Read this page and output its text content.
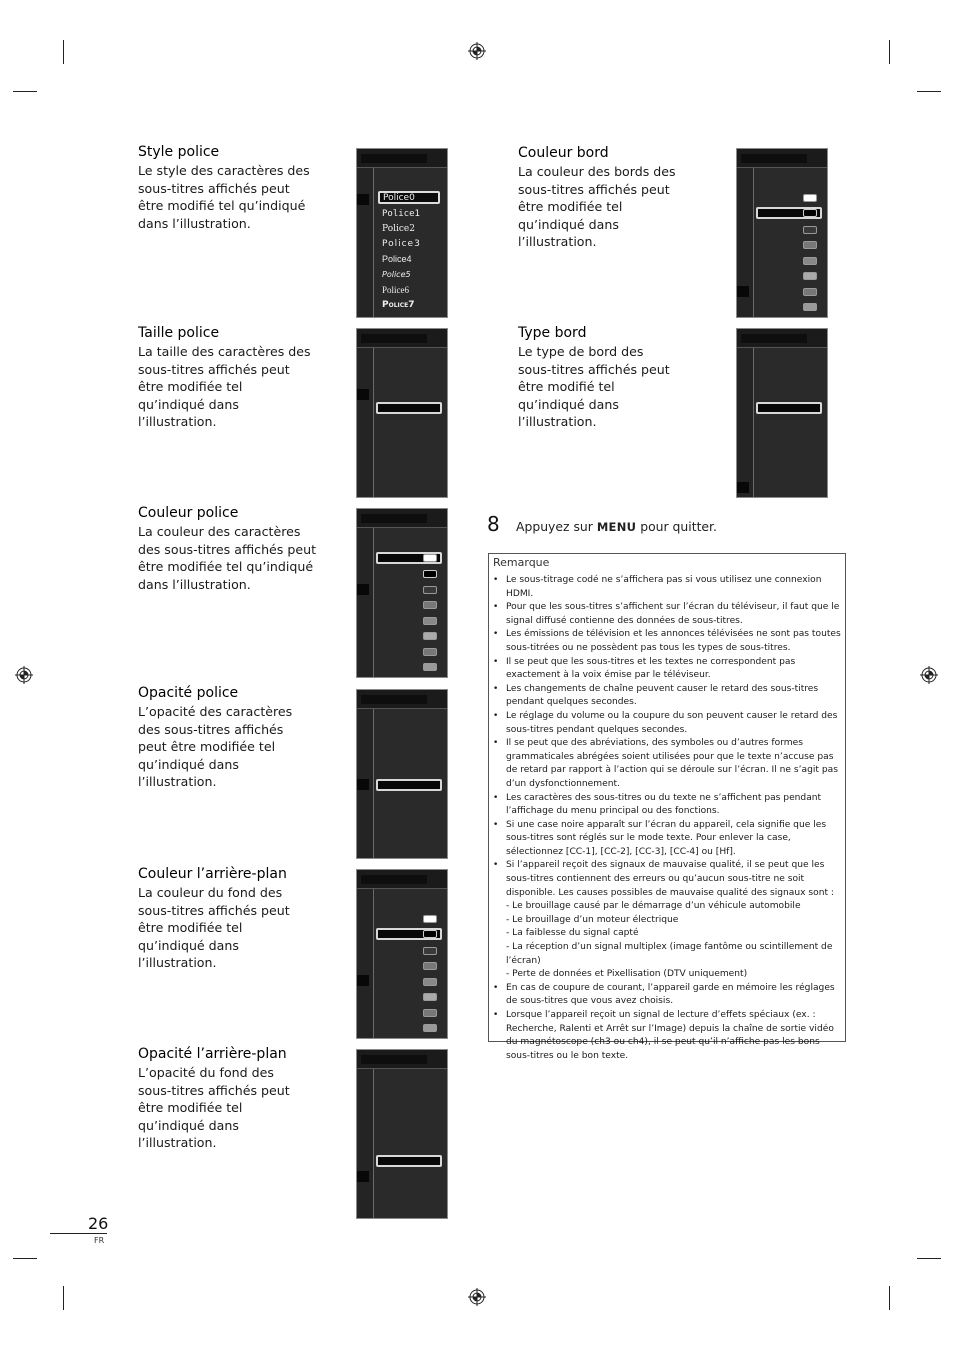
Style police
Le style des caractères des sous-titres affichés peut être modifié tel qu’indiqué dans l’illustration.
Taille police
La taille des caractères des sous-titres affichés peut être modifiée tel qu’indiqué dans l’illustration.
Couleur police
La couleur des caractères des sous-titres affichés peut être modifiée tel qu’indiqué dans l’illustration.
Opacité police
L’opacité des caractères des sous-titres affichés peut être modifiée tel qu’indiqué dans l’illustration.
Couleur l’arrière-plan
La couleur du fond des sous-titres affichés peut être modifiée tel qu’indiqué dans l’illustration.
Opacité l’arrière-plan
L’opacité du fond des sous-titres affichés peut être modifiée tel qu’indiqué dans l’illustration.
Police0
Police1
Police2
Police3
Police4
Police5
Police6
Police7
Couleur bord
La couleur des bords des sous-titres affichés peut être modifiée tel qu’indiqué dans l’illustration.
Type bord
Le type de bord des sous-titres affichés peut être modifié tel qu’indiqué dans l’illustration.
8 Appuyez sur MENU pour quitter.
Remarque
• Le sous-titrage codé ne s’affichera pas si vous utilisez une connexion HDMI.
• Pour que les sous-titres s’affichent sur l’écran du téléviseur, il faut que le signal diffusé contienne des données de sous-titres.
• Les émissions de télévision et les annonces télévisées ne sont pas toutes sous-titrées ou ne possèdent pas tous les types de sous-titres.
• Il se peut que les sous-titres et les textes ne correspondent pas exactement à la voix émise par le téléviseur.
• Les changements de chaîne peuvent causer le retard des sous-titres pendant quelques secondes.
• Le réglage du volume ou la coupure du son peuvent causer le retard des sous-titres pendant quelques secondes.
• Il se peut que des abréviations, des symboles ou d’autres formes grammaticales abrégées soient utilisées pour que le texte n’accuse pas de retard par rapport à l’action qui se déroule sur l’écran. Il ne s’agit pas d’un dysfonctionnement.
• Les caractères des sous-titres ou du texte ne s’affichent pas pendant l’affichage du menu principal ou des fonctions.
• Si une case noire apparaît sur l’écran du appareil, cela signifie que les sous-titres sont réglés sur le mode texte. Pour enlever la case, sélectionnez [CC-1], [CC-2], [CC-3], [CC-4] ou [Hf].
• Si l’appareil reçoit des signaux de mauvaise qualité, il se peut que les sous-titres contiennent des erreurs ou qu’aucun sous-titre ne soit disponible. Les causes possibles de mauvaise qualité des signaux sont :
- Le brouillage causé par le démarrage d’un véhicule automobile
- Le brouillage d’un moteur électrique
- La faiblesse du signal capté
- La réception d’un signal multiplex (image fantôme ou scintillement de l’écran)
- Perte de données et Pixellisation (DTV uniquement)
• En cas de coupure de courant, l’appareil garde en mémoire les réglages de sous-titres que vous avez choisis.
• Lorsque l’appareil reçoit un signal de lecture d’effets spéciaux (ex. : Recherche, Ralenti et Arrêt sur l’Image) depuis la chaîne de sortie vidéo du magnétoscope (ch3 ou ch4), il se peut qu’il n’affiche pas les bons sous-titres ou le bon texte.
26
FR
